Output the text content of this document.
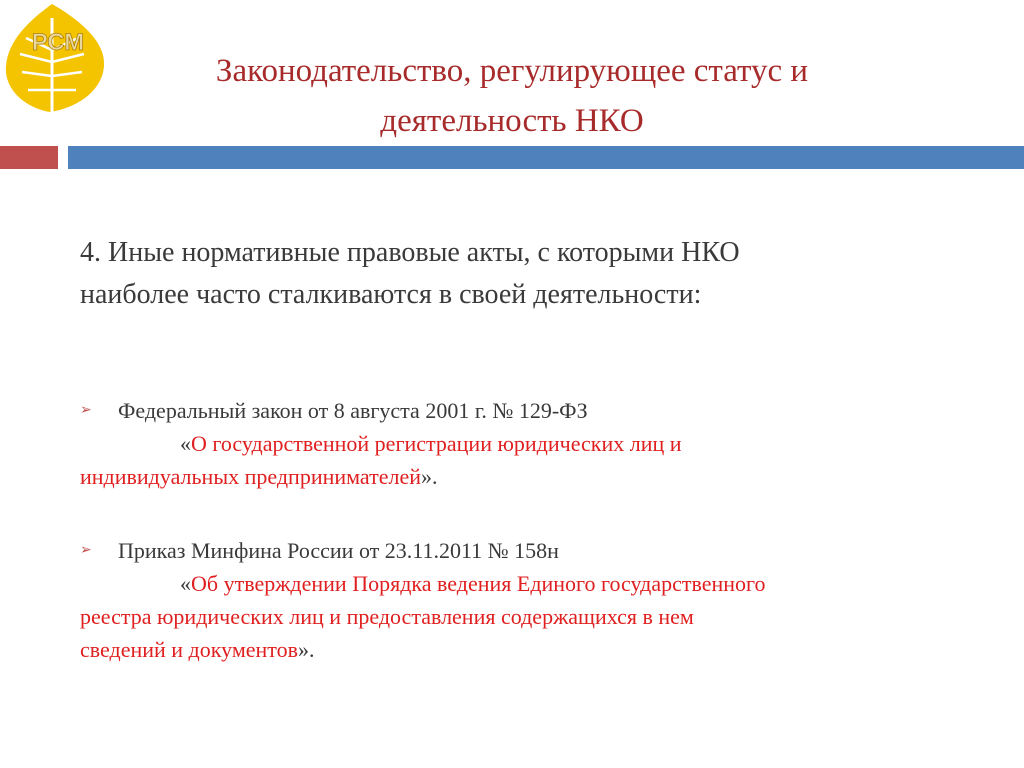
РСМ
Законодательство, регулирующее статус и
деятельность НКО
4. Иные нормативные правовые акты, с которыми НКО
наиболее часто сталкиваются в своей деятельности:
➢	Федеральный закон от 8 августа 2001 г. № 129-ФЗ
«О государственной регистрации юридических лиц и
индивидуальных предпринимателей».
➢	Приказ Минфина России от 23.11.2011 № 158н
«Об утверждении Порядка ведения Единого государственного
реестра юридических лиц и предоставления содержащихся в нем
сведений и документов».
